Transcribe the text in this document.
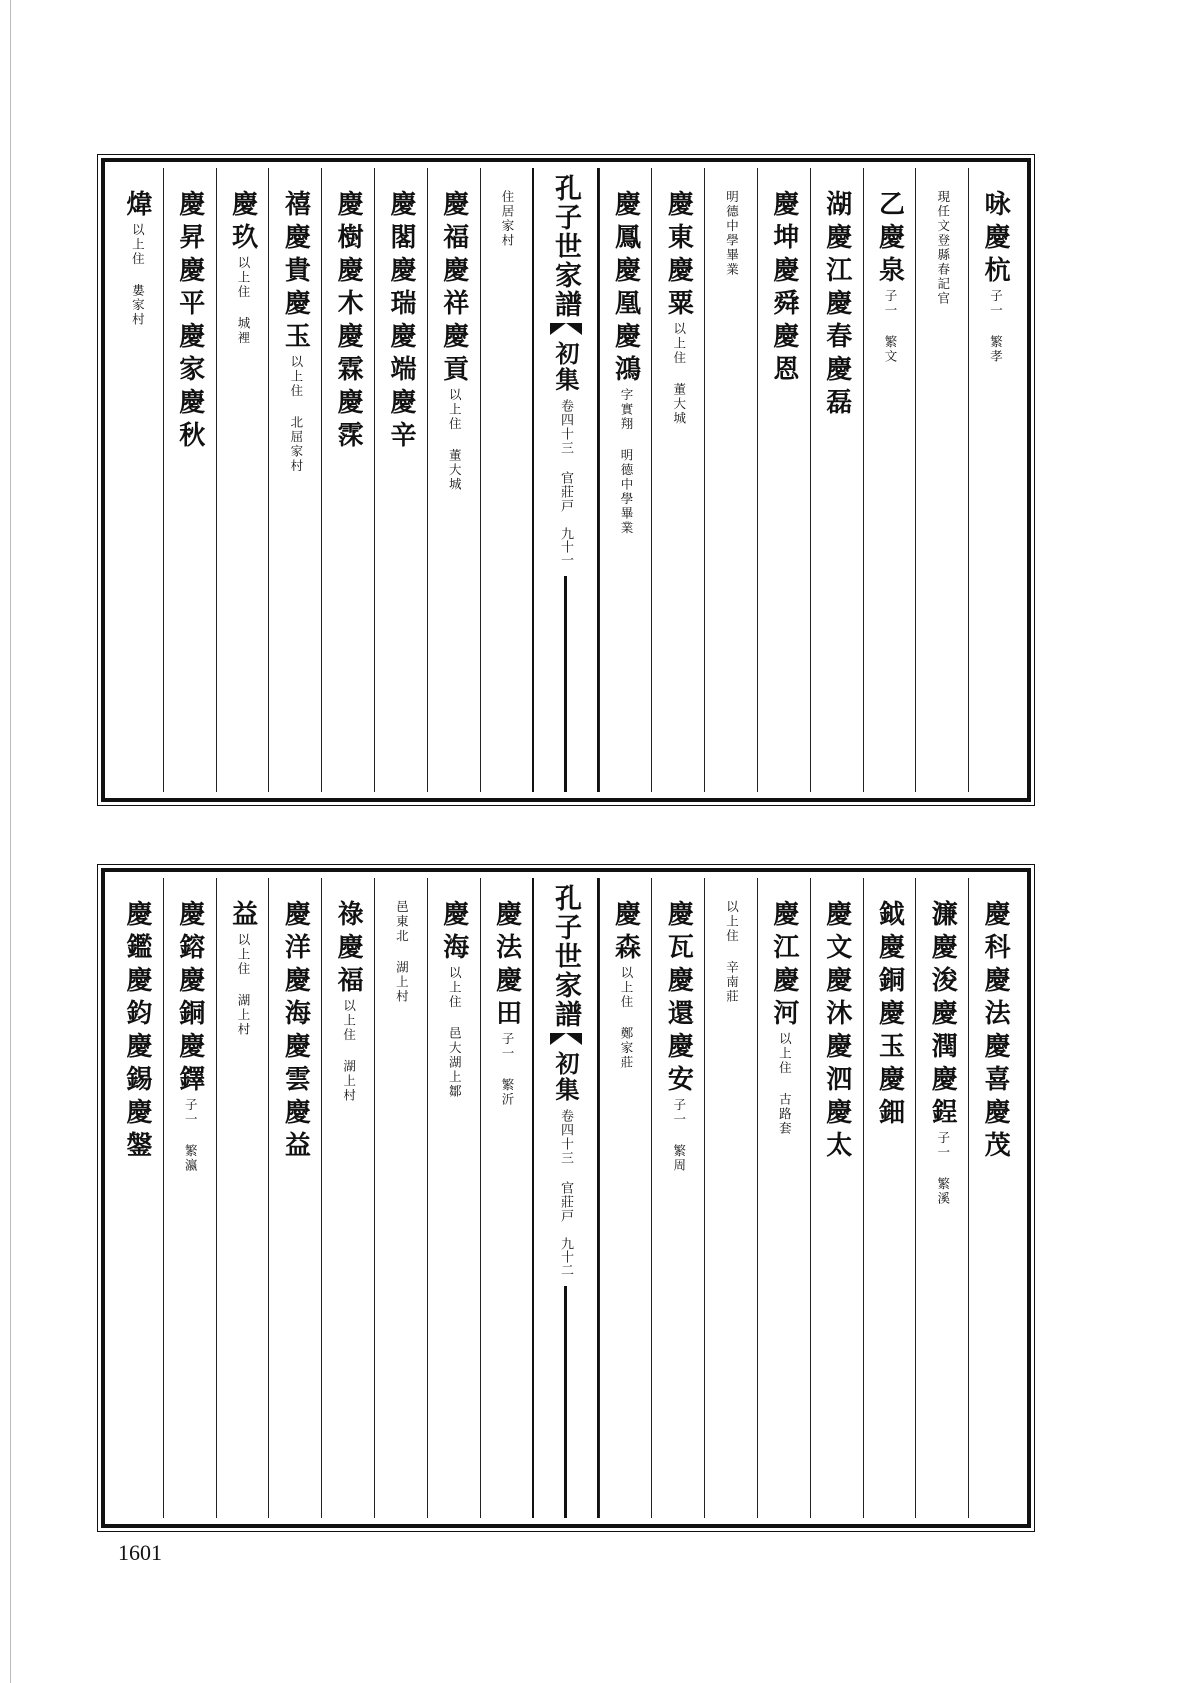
咏慶杭
子一 繁孝
現任文登縣春記官
乙慶泉
子一 繁文
湖慶江慶春慶磊
慶坤慶舜慶恩
明德中學畢業
慶東慶粟
以上住 董大城
慶鳳慶凰慶鴻
字實翔 明德中學畢業
孔子世家譜
初集
卷四十三 官莊戸
九十一
住居家村
慶福慶祥慶貢
以上住 董大城
慶閣慶瑞慶端慶辛
慶樹慶木慶霖慶霂
禧慶貴慶玉
以上住 北屈家村
慶玖
以上住 城裡
慶昇慶平慶家慶秋
煒
以上住 婁家村
慶科慶法慶喜慶茂
濂慶浚慶潤慶鋥
子一 繁溪
鉞慶銅慶玉慶鈿
慶文慶沐慶泗慶太
慶江慶河
以上住 古路套
以上住 辛南莊
慶瓦慶還慶安
子一 繁周
慶森
以上住 鄭家莊
孔子世家譜
初集
卷四十三 官莊戸
九十二
慶法慶田
子一 繁沂
慶海
以上住 邑大湖上鄒
邑東北 湖上村
祿慶福
以上住 湖上村
慶洋慶海慶雲慶益
益
以上住 湖上村
慶鎔慶銅慶鐸
子一 繁瀛
慶鑑慶鈞慶錫慶鎜
1601
